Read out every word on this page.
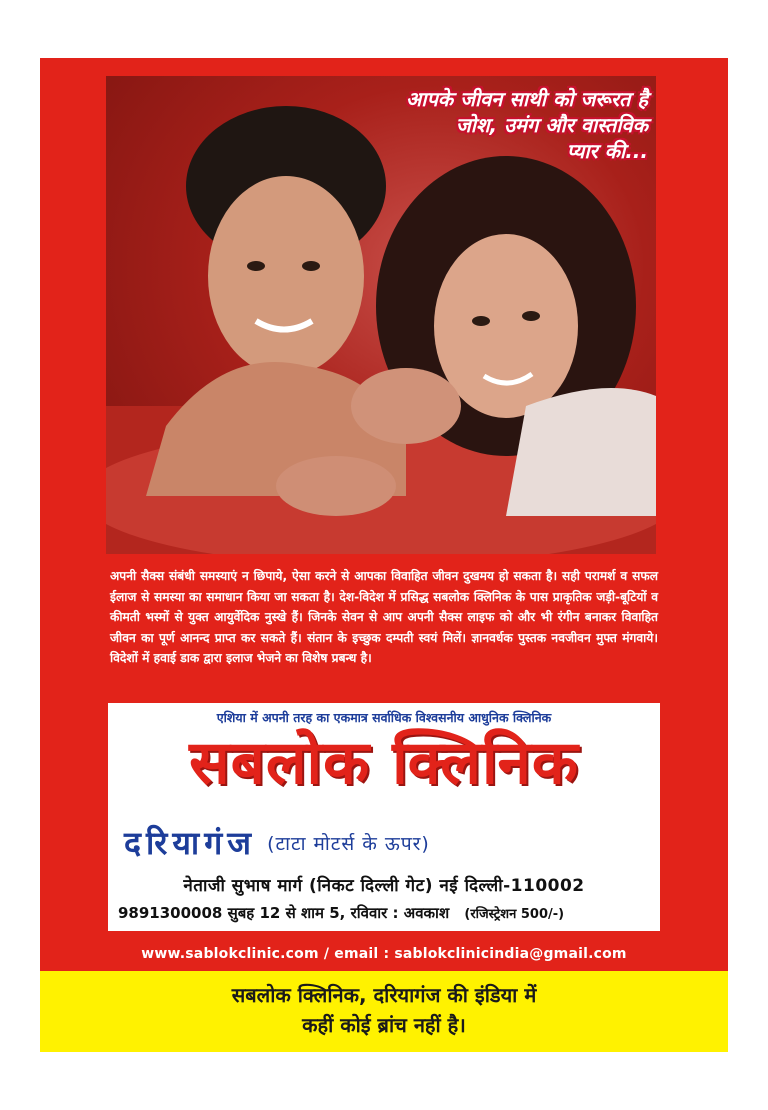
आपके जीवन साथी को जरूरत है
जोश, उमंग और वास्तविक
प्यार की...
अपनी सैक्स संबंधी समस्याएं न छिपाये, ऐसा करने से आपका विवाहित जीवन दुखमय हो सकता है। सही परामर्श व सफल ईलाज से समस्या का समाधान किया जा सकता है। देश-विदेश में प्रसिद्ध सबलोक क्लिनिक के पास प्राकृतिक जड़ी-बूटियों व कीमती भस्मों से युक्त आयुर्वेदिक नुस्खे हैं। जिनके सेवन से आप अपनी सैक्स लाइफ को और भी रंगीन बनाकर विवाहित जीवन का पूर्ण आनन्द प्राप्त कर सकते हैं। संतान के इच्छुक दम्पती स्वयं मिलें। ज्ञानवर्धक पुस्तक नवजीवन मुफ्त मंगवाये। विदेशों में हवाई डाक द्वारा इलाज भेजने का विशेष प्रबन्ध है।
एशिया में अपनी तरह का एकमात्र सर्वाधिक विश्वसनीय आधुनिक क्लिनिक
सबलोक क्लिनिक
दरियागंज (टाटा मोटर्स के ऊपर)
नेताजी सुभाष मार्ग (निकट दिल्ली गेट) नई दिल्ली-110002
9891300008 सुबह 12 से शाम 5, रविवार : अवकाश (रजिस्ट्रेशन 500/-)
www.sablokclinic.com / email : sablokclinicindia@gmail.com
सबलोक क्लिनिक, दरियागंज की इंडिया में
कहीं कोई ब्रांच नहीं है।
